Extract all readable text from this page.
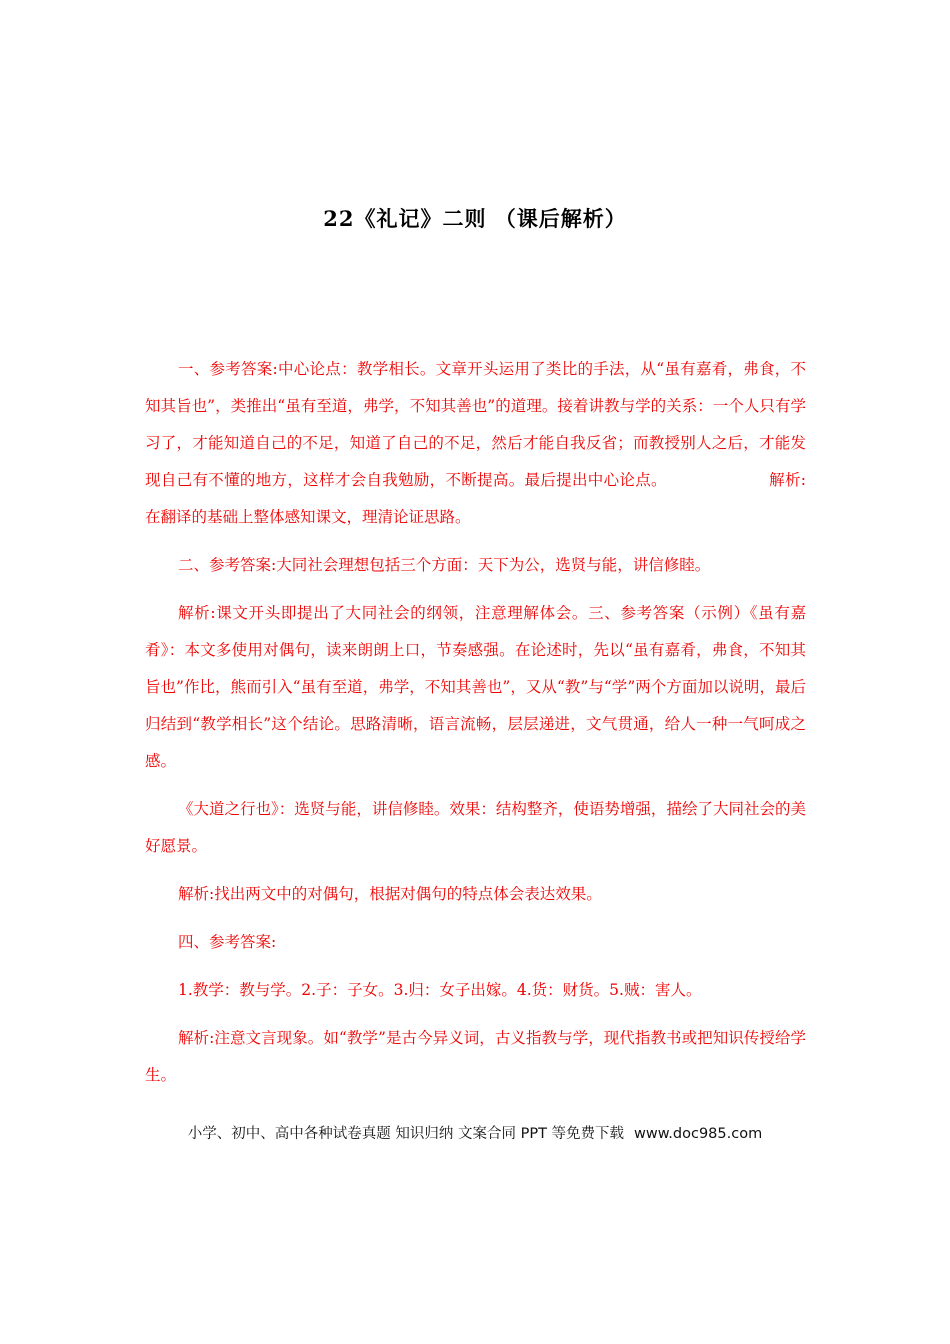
22《礼记》二则 （课后解析）

一、参考答案:中心论点：教学相长。文章开头运用了类比的手法，从“虽有嘉肴，弗食，不知其旨也”，类推出“虽有至道，弗学，不知其善也”的道理。接着讲教与学的关系：一个人只有学习了，才能知道自己的不足，知道了自己的不足，然后才能自我反省；而教授别人之后，才能发现自己有不懂的地方，这样才会自我勉励，不断提高。最后提出中心论点。	解析:在翻译的基础上整体感知课文，理清论证思路。

二、参考答案:大同社会理想包括三个方面：天下为公，选贤与能，讲信修睦。

解析:课文开头即提出了大同社会的纲领，注意理解体会。三、参考答案（示例）《虽有嘉肴》：本文多使用对偶句，读来朗朗上口，节奏感强。在论述时，先以“虽有嘉肴，弗食，不知其旨也”作比，熊而引入“虽有至道，弗学，不知其善也”，又从“教”与“学”两个方面加以说明，最后归结到“教学相长”这个结论。思路清晰，语言流畅，层层递进，文气贯通，给人一种一气呵成之感。

《大道之行也》：选贤与能，讲信修睦。效果：结构整齐，使语势增强，描绘了大同社会的美好愿景。

解析:找出两文中的对偶句，根据对偶句的特点体会表达效果。

四、参考答案:

1.教学：教与学。2.子：子女。3.归：女子出嫁。4.货：财货。5.贼：害人。

解析:注意文言现象。如“教学”是古今异义词，古义指教与学，现代指教书或把知识传授给学生。

小学、初中、高中各种试卷真题 知识归纳 文案合同 PPT 等免费下载 www.doc985.com
